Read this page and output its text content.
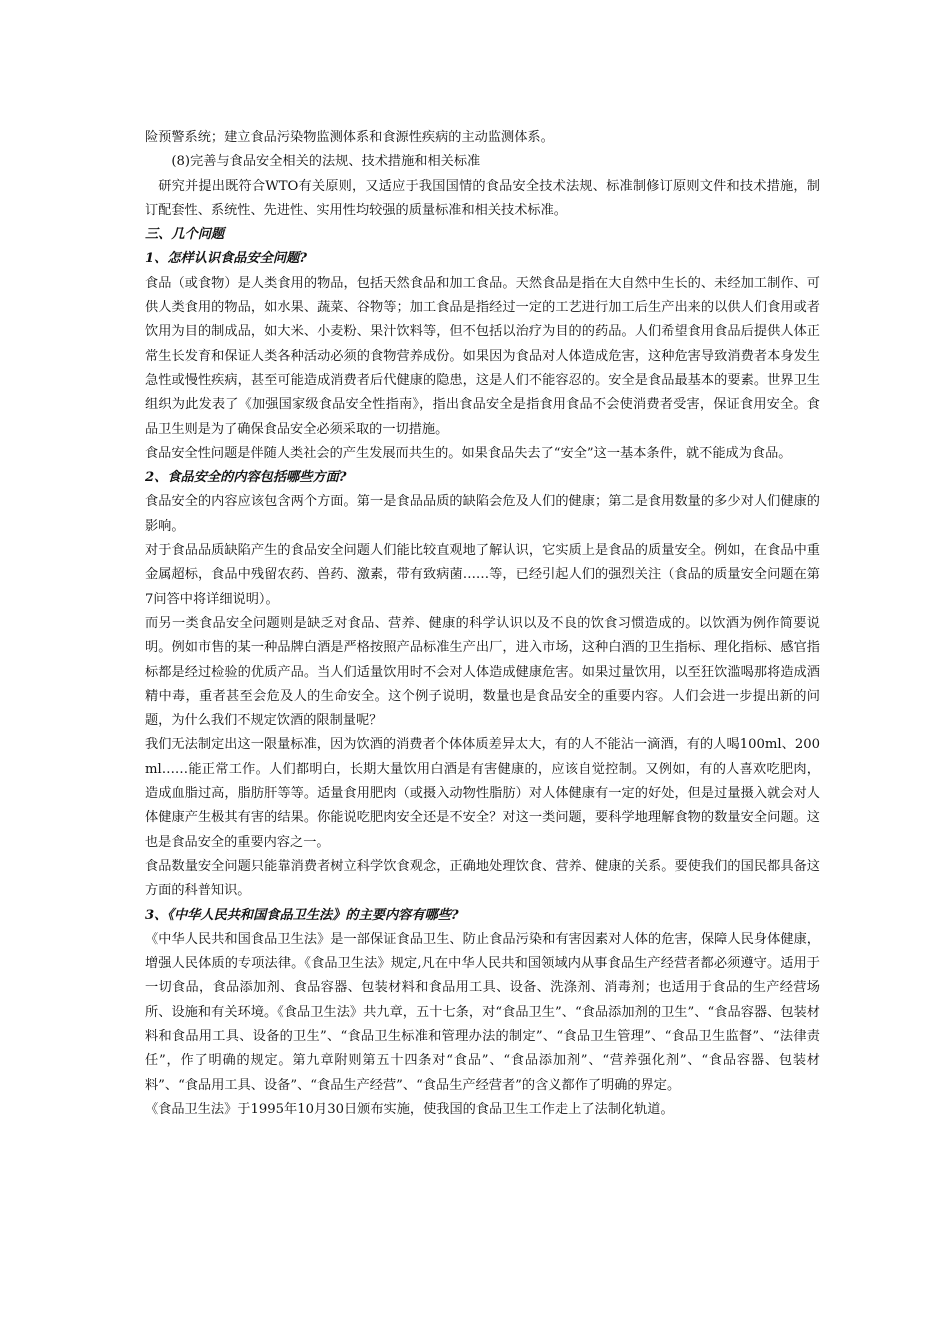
险预警系统；建立食品污染物监测体系和食源性疾病的主动监测体系。

(8)完善与食品安全相关的法规、技术措施和相关标准

研究并提出既符合WTO有关原则，又适应于我国国情的食品安全技术法规、标准制修订原则文件和技术措施，制订配套性、系统性、先进性、实用性均较强的质量标准和相关技术标准。

三、几个问题

1、怎样认识食品安全问题?

食品（或食物）是人类食用的物品，包括天然食品和加工食品。天然食品是指在大自然中生长的、未经加工制作、可供人类食用的物品，如水果、蔬菜、谷物等；加工食品是指经过一定的工艺进行加工后生产出来的以供人们食用或者饮用为目的制成品，如大米、小麦粉、果汁饮料等，但不包括以治疗为目的的药品。人们希望食用食品后提供人体正常生长发育和保证人类各种活动必须的食物营养成份。如果因为食品对人体造成危害，这种危害导致消费者本身发生急性或慢性疾病，甚至可能造成消费者后代健康的隐患，这是人们不能容忍的。安全是食品最基本的要素。世界卫生组织为此发表了《加强国家级食品安全性指南》，指出食品安全是指食用食品不会使消费者受害，保证食用安全。食品卫生则是为了确保食品安全必须采取的一切措施。

食品安全性问题是伴随人类社会的产生发展而共生的。如果食品失去了“安全”这一基本条件，就不能成为食品。

2、食品安全的内容包括哪些方面?

食品安全的内容应该包含两个方面。第一是食品品质的缺陷会危及人们的健康；第二是食用数量的多少对人们健康的影响。

对于食品品质缺陷产生的食品安全问题人们能比较直观地了解认识，它实质上是食品的质量安全。例如，在食品中重金属超标，食品中残留农药、兽药、激素，带有致病菌……等，已经引起人们的强烈关注（食品的质量安全问题在第7问答中将详细说明）。

而另一类食品安全问题则是缺乏对食品、营养、健康的科学认识以及不良的饮食习惯造成的。以饮酒为例作简要说明。例如市售的某一种品牌白酒是严格按照产品标准生产出厂，进入市场，这种白酒的卫生指标、理化指标、感官指标都是经过检验的优质产品。当人们适量饮用时不会对人体造成健康危害。如果过量饮用，以至狂饮滥喝那将造成酒精中毒，重者甚至会危及人的生命安全。这个例子说明，数量也是食品安全的重要内容。人们会进一步提出新的问题，为什么我们不规定饮酒的限制量呢？

我们无法制定出这一限量标准，因为饮酒的消费者个体体质差异太大，有的人不能沾一滴酒，有的人喝100ml、200ml……能正常工作。人们都明白，长期大量饮用白酒是有害健康的，应该自觉控制。又例如，有的人喜欢吃肥肉，造成血脂过高，脂肪肝等等。适量食用肥肉（或摄入动物性脂肪）对人体健康有一定的好处，但是过量摄入就会对人体健康产生极其有害的结果。你能说吃肥肉安全还是不安全？对这一类问题，要科学地理解食物的数量安全问题。这也是食品安全的重要内容之一。

食品数量安全问题只能靠消费者树立科学饮食观念，正确地处理饮食、营养、健康的关系。要使我们的国民都具备这方面的科普知识。

3、《中华人民共和国食品卫生法》的主要内容有哪些?

《中华人民共和国食品卫生法》是一部保证食品卫生、防止食品污染和有害因素对人体的危害，保障人民身体健康，增强人民体质的专项法律。《食品卫生法》规定,凡在中华人民共和国领域内从事食品生产经营者都必须遵守。适用于一切食品，食品添加剂、食品容器、包装材料和食品用工具、设备、洗涤剂、消毒剂；也适用于食品的生产经营场所、设施和有关环境。《食品卫生法》共九章，五十七条，对“食品卫生”、“食品添加剂的卫生”、“食品容器、包装材料和食品用工具、设备的卫生”、“食品卫生标准和管理办法的制定”、“食品卫生管理”、“食品卫生监督”、“法律责任”，作了明确的规定。第九章附则第五十四条对“食品”、“食品添加剂”、“营养强化剂”、“食品容器、包装材料”、“食品用工具、设备”、“食品生产经营”、“食品生产经营者”的含义都作了明确的界定。

《食品卫生法》于1995年10月30日颁布实施，使我国的食品卫生工作走上了法制化轨道。
